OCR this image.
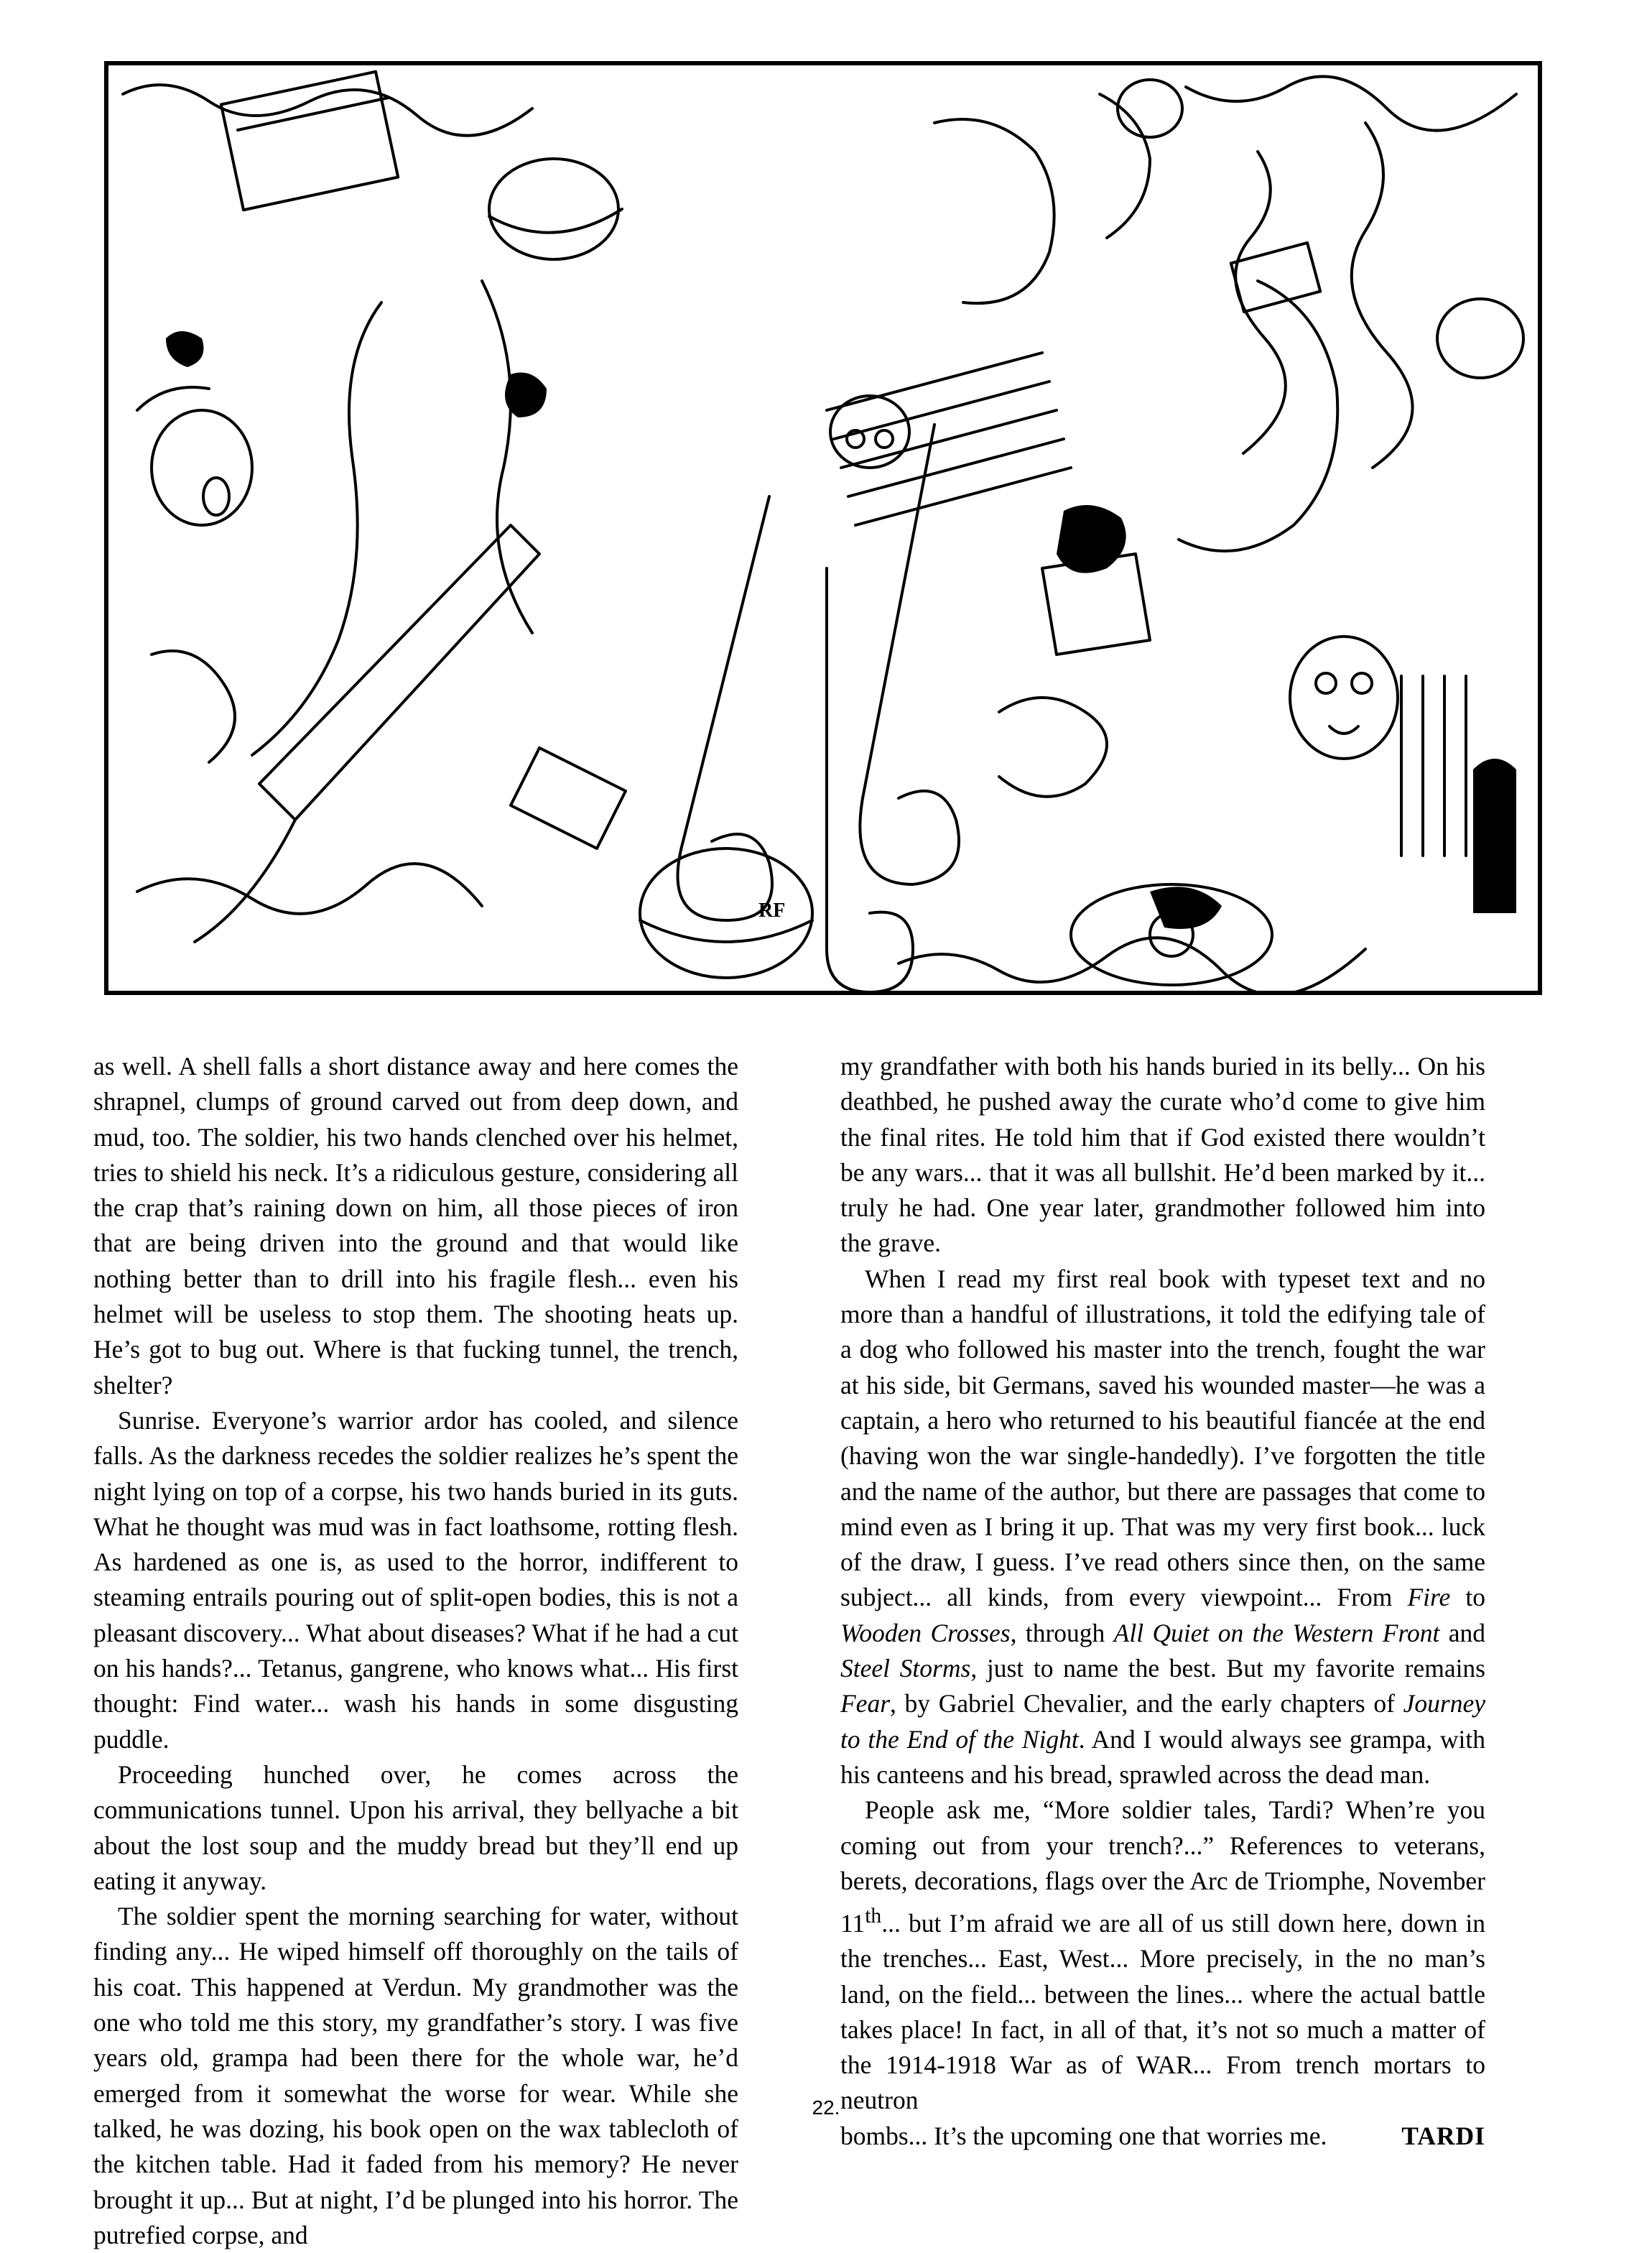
RF

as well. A shell falls a short distance away and here comes the shrapnel, clumps of ground carved out from deep down, and mud, too. The soldier, his two hands clenched over his helmet, tries to shield his neck. It’s a ridiculous gesture, considering all the crap that’s raining down on him, all those pieces of iron that are being driven into the ground and that would like nothing better than to drill into his fragile flesh... even his helmet will be useless to stop them. The shooting heats up. He’s got to bug out. Where is that fucking tunnel, the trench, shelter?

Sunrise. Everyone’s warrior ardor has cooled, and silence falls. As the darkness recedes the soldier realizes he’s spent the night lying on top of a corpse, his two hands buried in its guts. What he thought was mud was in fact loathsome, rotting flesh. As hardened as one is, as used to the horror, indifferent to steaming entrails pouring out of split-open bodies, this is not a pleasant discovery... What about diseases? What if he had a cut on his hands?... Tetanus, gangrene, who knows what... His first thought: Find water... wash his hands in some disgusting puddle.

Proceeding hunched over, he comes across the communications tunnel. Upon his arrival, they bellyache a bit about the lost soup and the muddy bread but they’ll end up eating it anyway.

The soldier spent the morning searching for water, without finding any... He wiped himself off thoroughly on the tails of his coat. This happened at Verdun. My grandmother was the one who told me this story, my grandfather’s story. I was five years old, grampa had been there for the whole war, he’d emerged from it somewhat the worse for wear. While she talked, he was dozing, his book open on the wax tablecloth of the kitchen table. Had it faded from his memory? He never brought it up... But at night, I’d be plunged into his horror. The putrefied corpse, and

my grandfather with both his hands buried in its belly... On his deathbed, he pushed away the curate who’d come to give him the final rites. He told him that if God existed there wouldn’t be any wars... that it was all bullshit. He’d been marked by it... truly he had. One year later, grandmother followed him into the grave.

When I read my first real book with typeset text and no more than a handful of illustrations, it told the edifying tale of a dog who followed his master into the trench, fought the war at his side, bit Germans, saved his wounded master—he was a captain, a hero who returned to his beautiful fiancée at the end (having won the war single-handedly). I’ve forgotten the title and the name of the author, but there are passages that come to mind even as I bring it up. That was my very first book... luck of the draw, I guess. I’ve read others since then, on the same subject... all kinds, from every viewpoint... From Fire to Wooden Crosses, through All Quiet on the Western Front and Steel Storms, just to name the best. But my favorite remains Fear, by Gabriel Chevalier, and the early chapters of Journey to the End of the Night. And I would always see grampa, with his canteens and his bread, sprawled across the dead man.

People ask me, “More soldier tales, Tardi? When’re you coming out from your trench?...” References to veterans, berets, decorations, flags over the Arc de Triomphe, November 11th... but I’m afraid we are all of us still down here, down in the trenches... East, West... More precisely, in the no man’s land, on the field... between the lines... where the actual battle takes place! In fact, in all of that, it’s not so much a matter of the 1914-1918 War as of WAR... From trench mortars to neutron

bombs... It’s the upcoming one that worries me.	TARDI
22.
